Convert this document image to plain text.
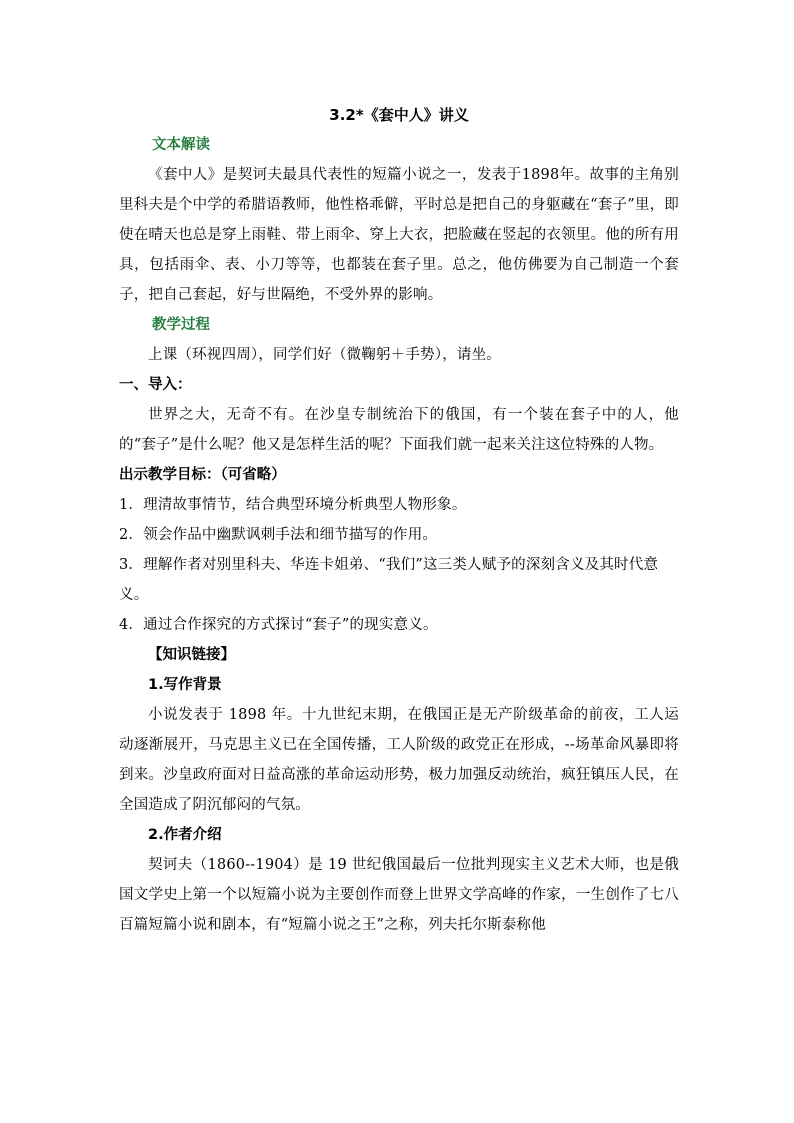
3.2*《套中人》讲义

文本解读

《套中人》是契诃夫最具代表性的短篇小说之一，发表于1898年。故事的主角别里科夫是个中学的希腊语教师，他性格乖僻，平时总是把自己的身躯藏在“套子”里，即使在晴天也总是穿上雨鞋、带上雨伞、穿上大衣，把脸藏在竖起的衣领里。他的所有用具，包括雨伞、表、小刀等等，也都装在套子里。总之，他仿佛要为自己制造一个套子，把自己套起，好与世隔绝，不受外界的影响。

教学过程

上课（环视四周），同学们好（微鞠躬＋手势），请坐。

一、导入：

世界之大，无奇不有。在沙皇专制统治下的俄国，有一个装在套子中的人，他的“套子”是什么呢？他又是怎样生活的呢？下面我们就一起来关注这位特殊的人物。

出示教学目标：（可省略）

1．理清故事情节，结合典型环境分析典型人物形象。

2．领会作品中幽默讽刺手法和细节描写的作用。

3．理解作者对别里科夫、华连卡姐弟、“我们”这三类人赋予的深刻含义及其时代意义。

4．通过合作探究的方式探讨“套子”的现实意义。

【知识链接】

1.写作背景

小说发表于 1898 年。十九世纪末期，在俄国正是无产阶级革命的前夜，工人运动逐渐展开，马克思主义已在全国传播，工人阶级的政党正在形成，--场革命风暴即将到来。沙皇政府面对日益高涨的革命运动形势，极力加强反动统治，疯狂镇压人民，在全国造成了阴沉郁闷的气氛。

2.作者介绍

契诃夫（1860--1904）是 19 世纪俄国最后一位批判现实主义艺术大师，也是俄国文学史上第一个以短篇小说为主要创作而登上世界文学高峰的作家，一生创作了七八百篇短篇小说和剧本，有“短篇小说之王”之称，列夫托尔斯泰称他
